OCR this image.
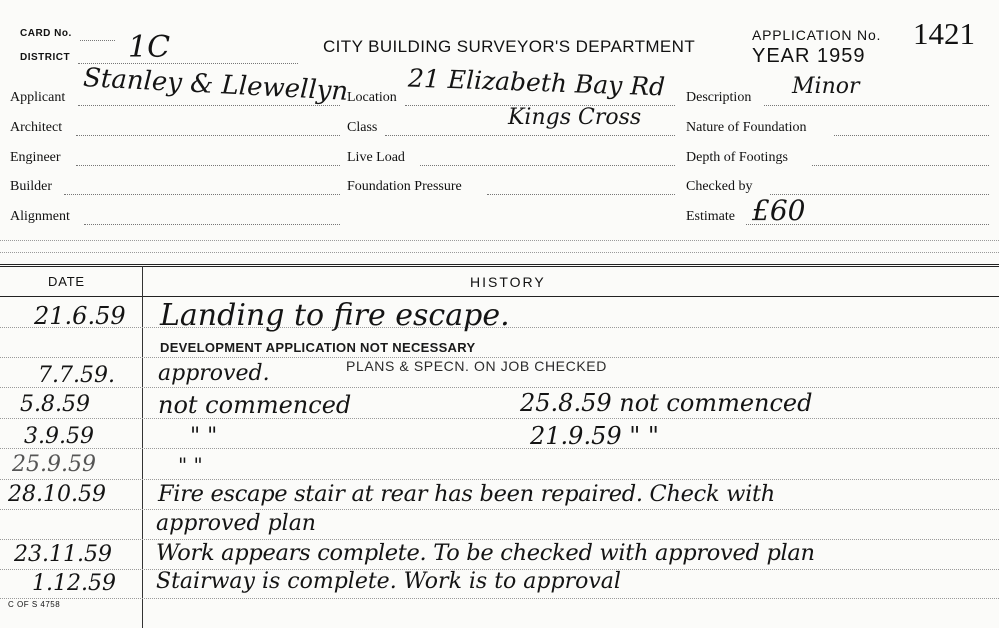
CARD No.
DISTRICT 1C	CITY BUILDING SURVEYOR'S DEPARTMENT
APPLICATION No. 1421
YEAR 1959
Applicant Stanley & Llewellyn
Architect
Engineer
Builder
Alignment
Location 21 Elizabeth Bay Rd
Kings Cross
Class
Live Load
Foundation Pressure
Description Minor
Nature of Foundation
Depth of Footings
Checked by
Estimate £60
DATE	HISTORY
21.6.59 Landing to fire escape.
DEVELOPMENT APPLICATION NOT NECESSARY
7.7.59. approved.	PLANS & SPECN. ON JOB CHECKED
5.8.59	not commenced	25.8.59 not commenced
3.9.59	" "	21.9.59 " "
25.9.59	" "
28.10.59 Fire escape stair at rear has been repaired. Check with
approved plan
23.11.59 Work appears complete. To be checked with approved plan
1.12.59 Stairway is complete. Work is to approval
C OF S 4758
